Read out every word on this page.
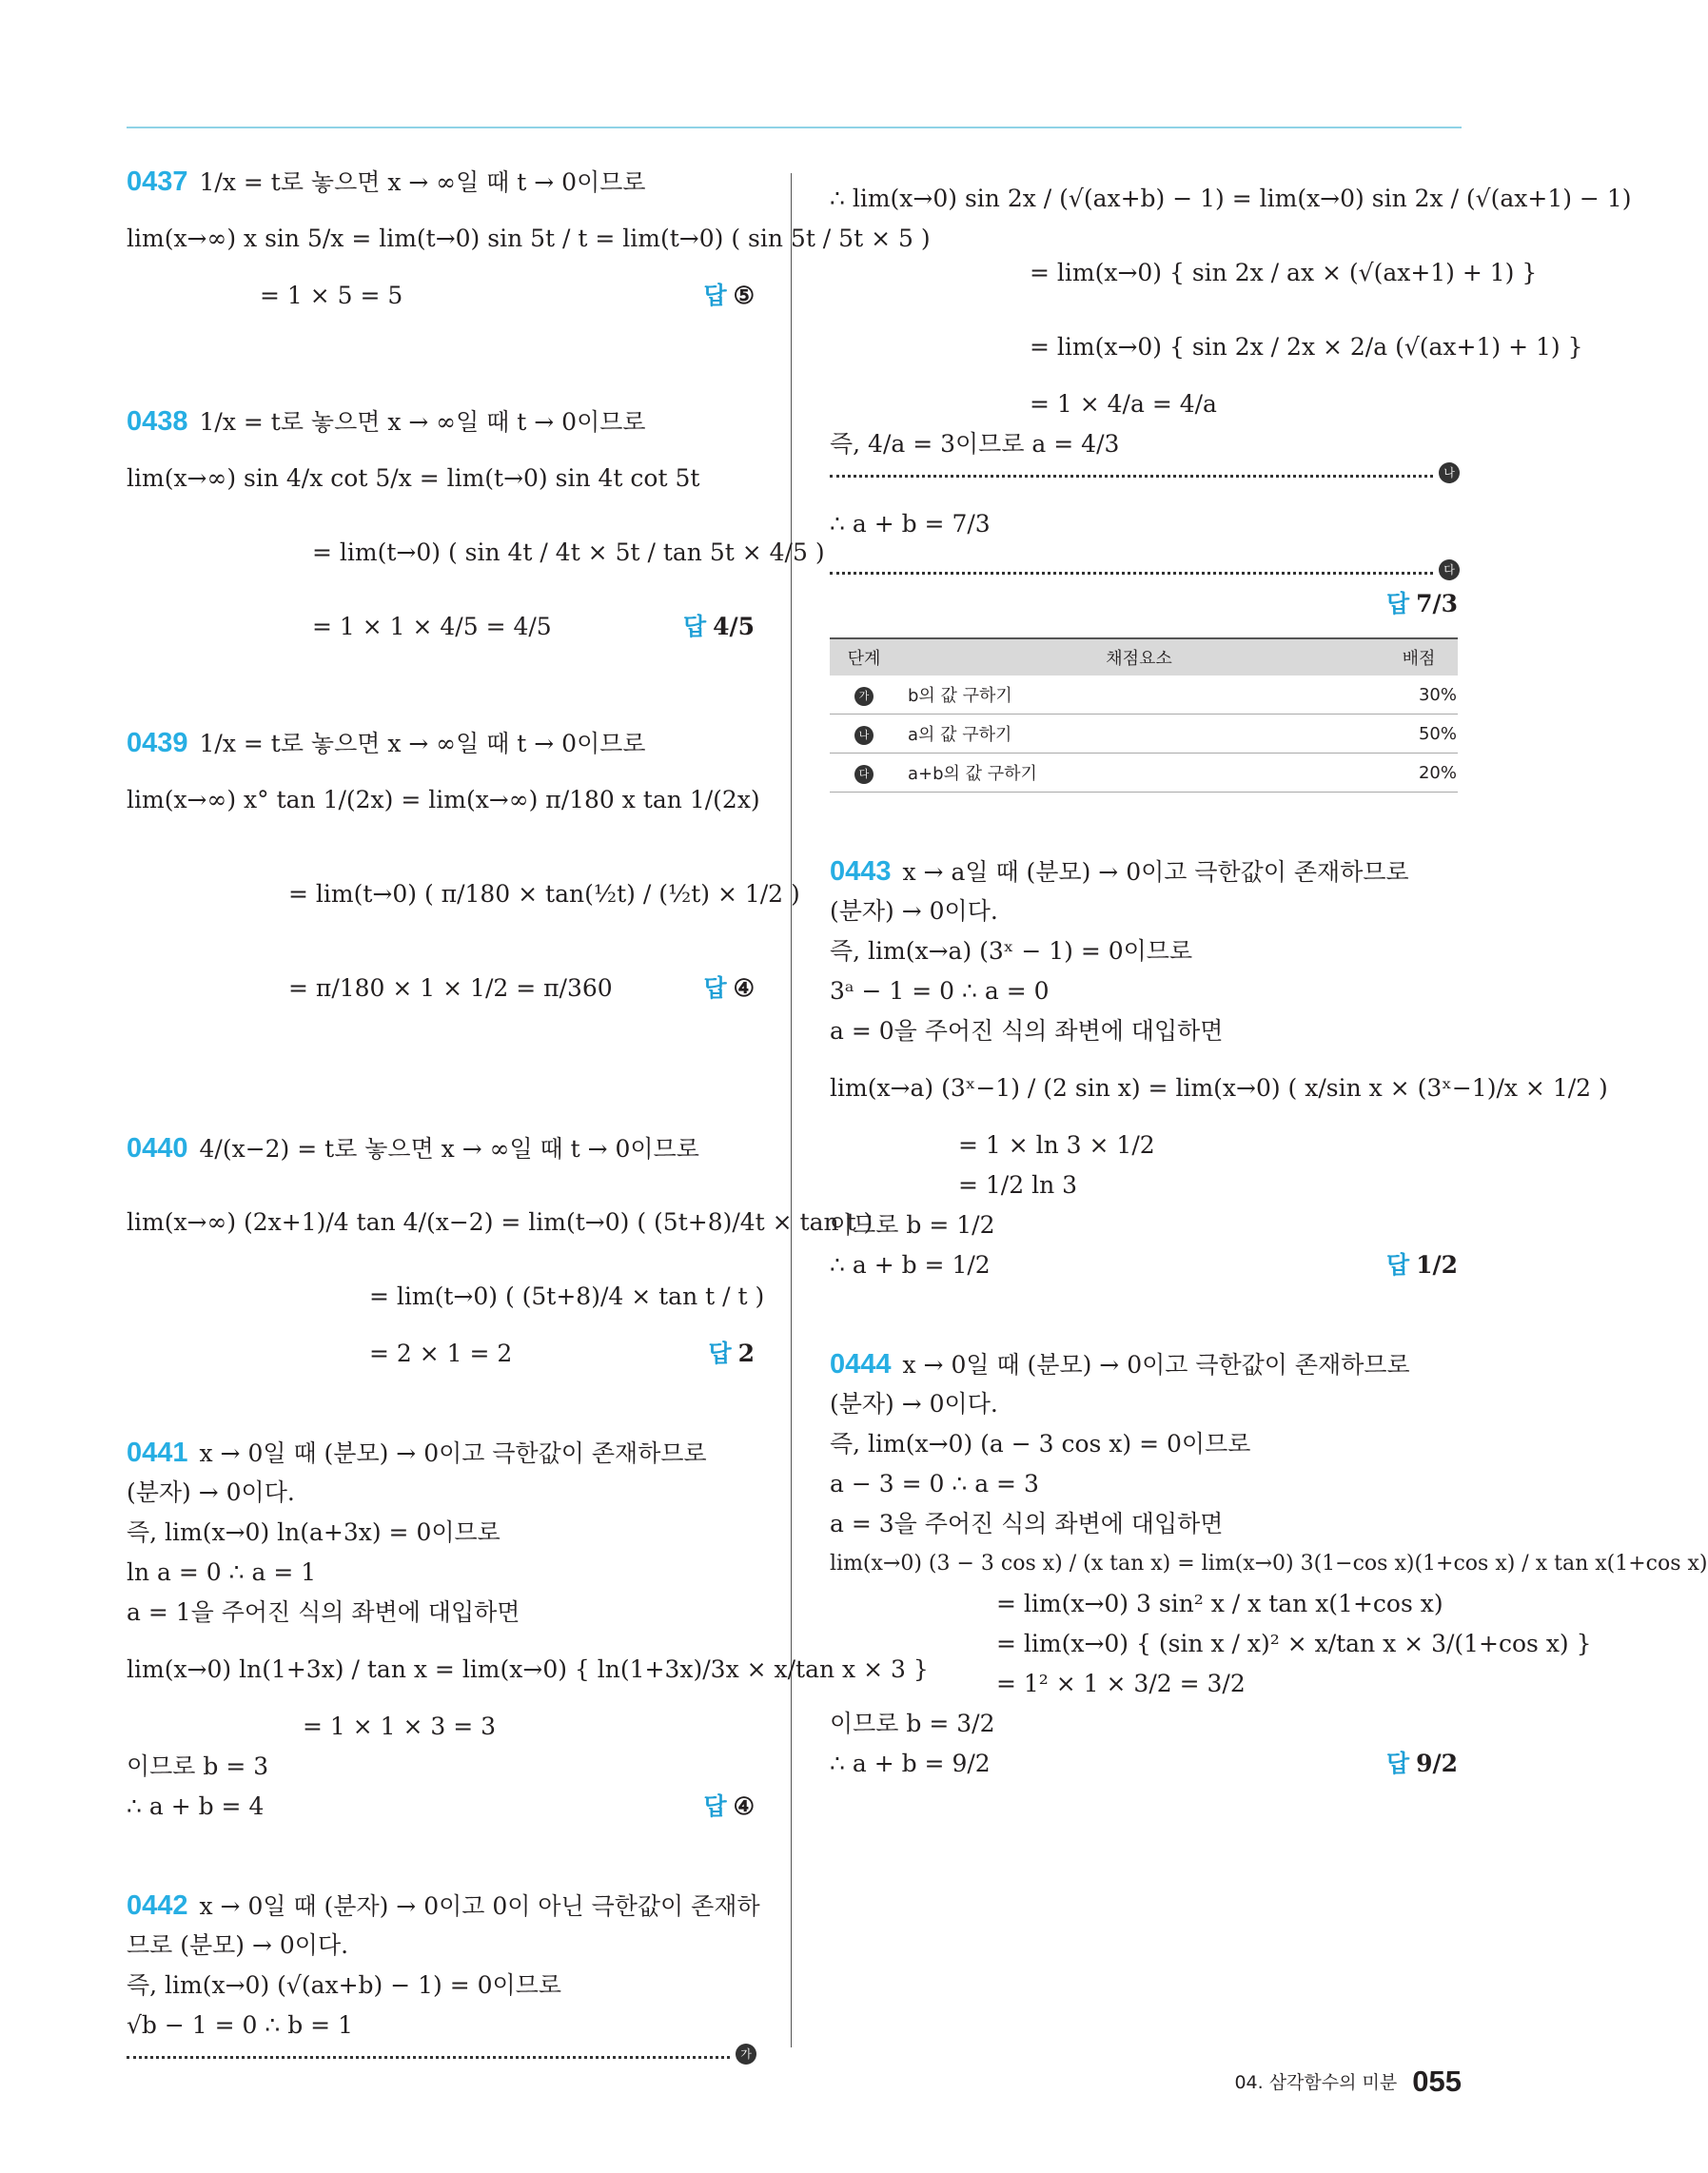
0437 1/x = t로 놓으면 x → ∞일 때 t → 0이므로
lim(x→∞) x sin 5/x = lim(t→0) sin 5t / t = lim(t→0) ( sin 5t / 5t × 5 )
= 1 × 5 = 5	답 ⑤
0438 1/x = t로 놓으면 x → ∞일 때 t → 0이므로
lim(x→∞) sin 4/x cot 5/x = lim(t→0) sin 4t cot 5t
= lim(t→0) ( sin 4t / 4t × 5t / tan 5t × 4/5 )
= 1 × 1 × 4/5 = 4/5	답 4/5
0439 1/x = t로 놓으면 x → ∞일 때 t → 0이므로
lim(x→∞) x° tan 1/(2x) = lim(x→∞) π/180 x tan 1/(2x)
= lim(t→0) ( π/180 × tan(½t) / (½t) × 1/2 )
= π/180 × 1 × 1/2 = π/360	답 ④
0440 4/(x−2) = t로 놓으면 x → ∞일 때 t → 0이므로
lim(x→∞) (2x+1)/4 tan 4/(x−2) = lim(t→0) ( (5t+8)/4t × tan t )
= lim(t→0) ( (5t+8)/4 × tan t / t )
= 2 × 1 = 2	답 2
0441 x → 0일 때 (분모) → 0이고 극한값이 존재하므로
(분자) → 0이다.
즉, lim(x→0) ln(a+3x) = 0이므로
ln a = 0 ∴ a = 1
a = 1을 주어진 식의 좌변에 대입하면
lim(x→0) ln(1+3x) / tan x = lim(x→0) { ln(1+3x)/3x × x/tan x × 3 }
= 1 × 1 × 3 = 3
이므로 b = 3
∴ a + b = 4	답 ④
0442 x → 0일 때 (분자) → 0이고 0이 아닌 극한값이 존재하
므로 (분모) → 0이다.
즉, lim(x→0) (√(ax+b) − 1) = 0이므로
√b − 1 = 0 ∴ b = 1
가
∴ lim(x→0) sin 2x / (√(ax+b) − 1) = lim(x→0) sin 2x / (√(ax+1) − 1)
= lim(x→0) { sin 2x / ax × (√(ax+1) + 1) }
= lim(x→0) { sin 2x / 2x × 2/a (√(ax+1) + 1) }
= 1 × 4/a = 4/a
즉, 4/a = 3이므로 a = 4/3
나
∴ a + b = 7/3
다
답 7/3
단계	채점요소	배점
가	b의 값 구하기	30%
나	a의 값 구하기	50%
다	a+b의 값 구하기	20%
0443 x → a일 때 (분모) → 0이고 극한값이 존재하므로
(분자) → 0이다.
즉, lim(x→a) (3ˣ − 1) = 0이므로
3ᵃ − 1 = 0 ∴ a = 0
a = 0을 주어진 식의 좌변에 대입하면
lim(x→a) (3ˣ−1) / (2 sin x) = lim(x→0) ( x/sin x × (3ˣ−1)/x × 1/2 )
= 1 × ln 3 × 1/2
= 1/2 ln 3
이므로 b = 1/2
∴ a + b = 1/2	답 1/2
0444 x → 0일 때 (분모) → 0이고 극한값이 존재하므로
(분자) → 0이다.
즉, lim(x→0) (a − 3 cos x) = 0이므로
a − 3 = 0 ∴ a = 3
a = 3을 주어진 식의 좌변에 대입하면
lim(x→0) (3 − 3 cos x) / (x tan x) = lim(x→0) 3(1−cos x)(1+cos x) / x tan x(1+cos x)
= lim(x→0) 3 sin² x / x tan x(1+cos x)
= lim(x→0) { (sin x / x)² × x/tan x × 3/(1+cos x) }
= 1² × 1 × 3/2 = 3/2
이므로 b = 3/2
∴ a + b = 9/2	답 9/2
04. 삼각함수의 미분 055
